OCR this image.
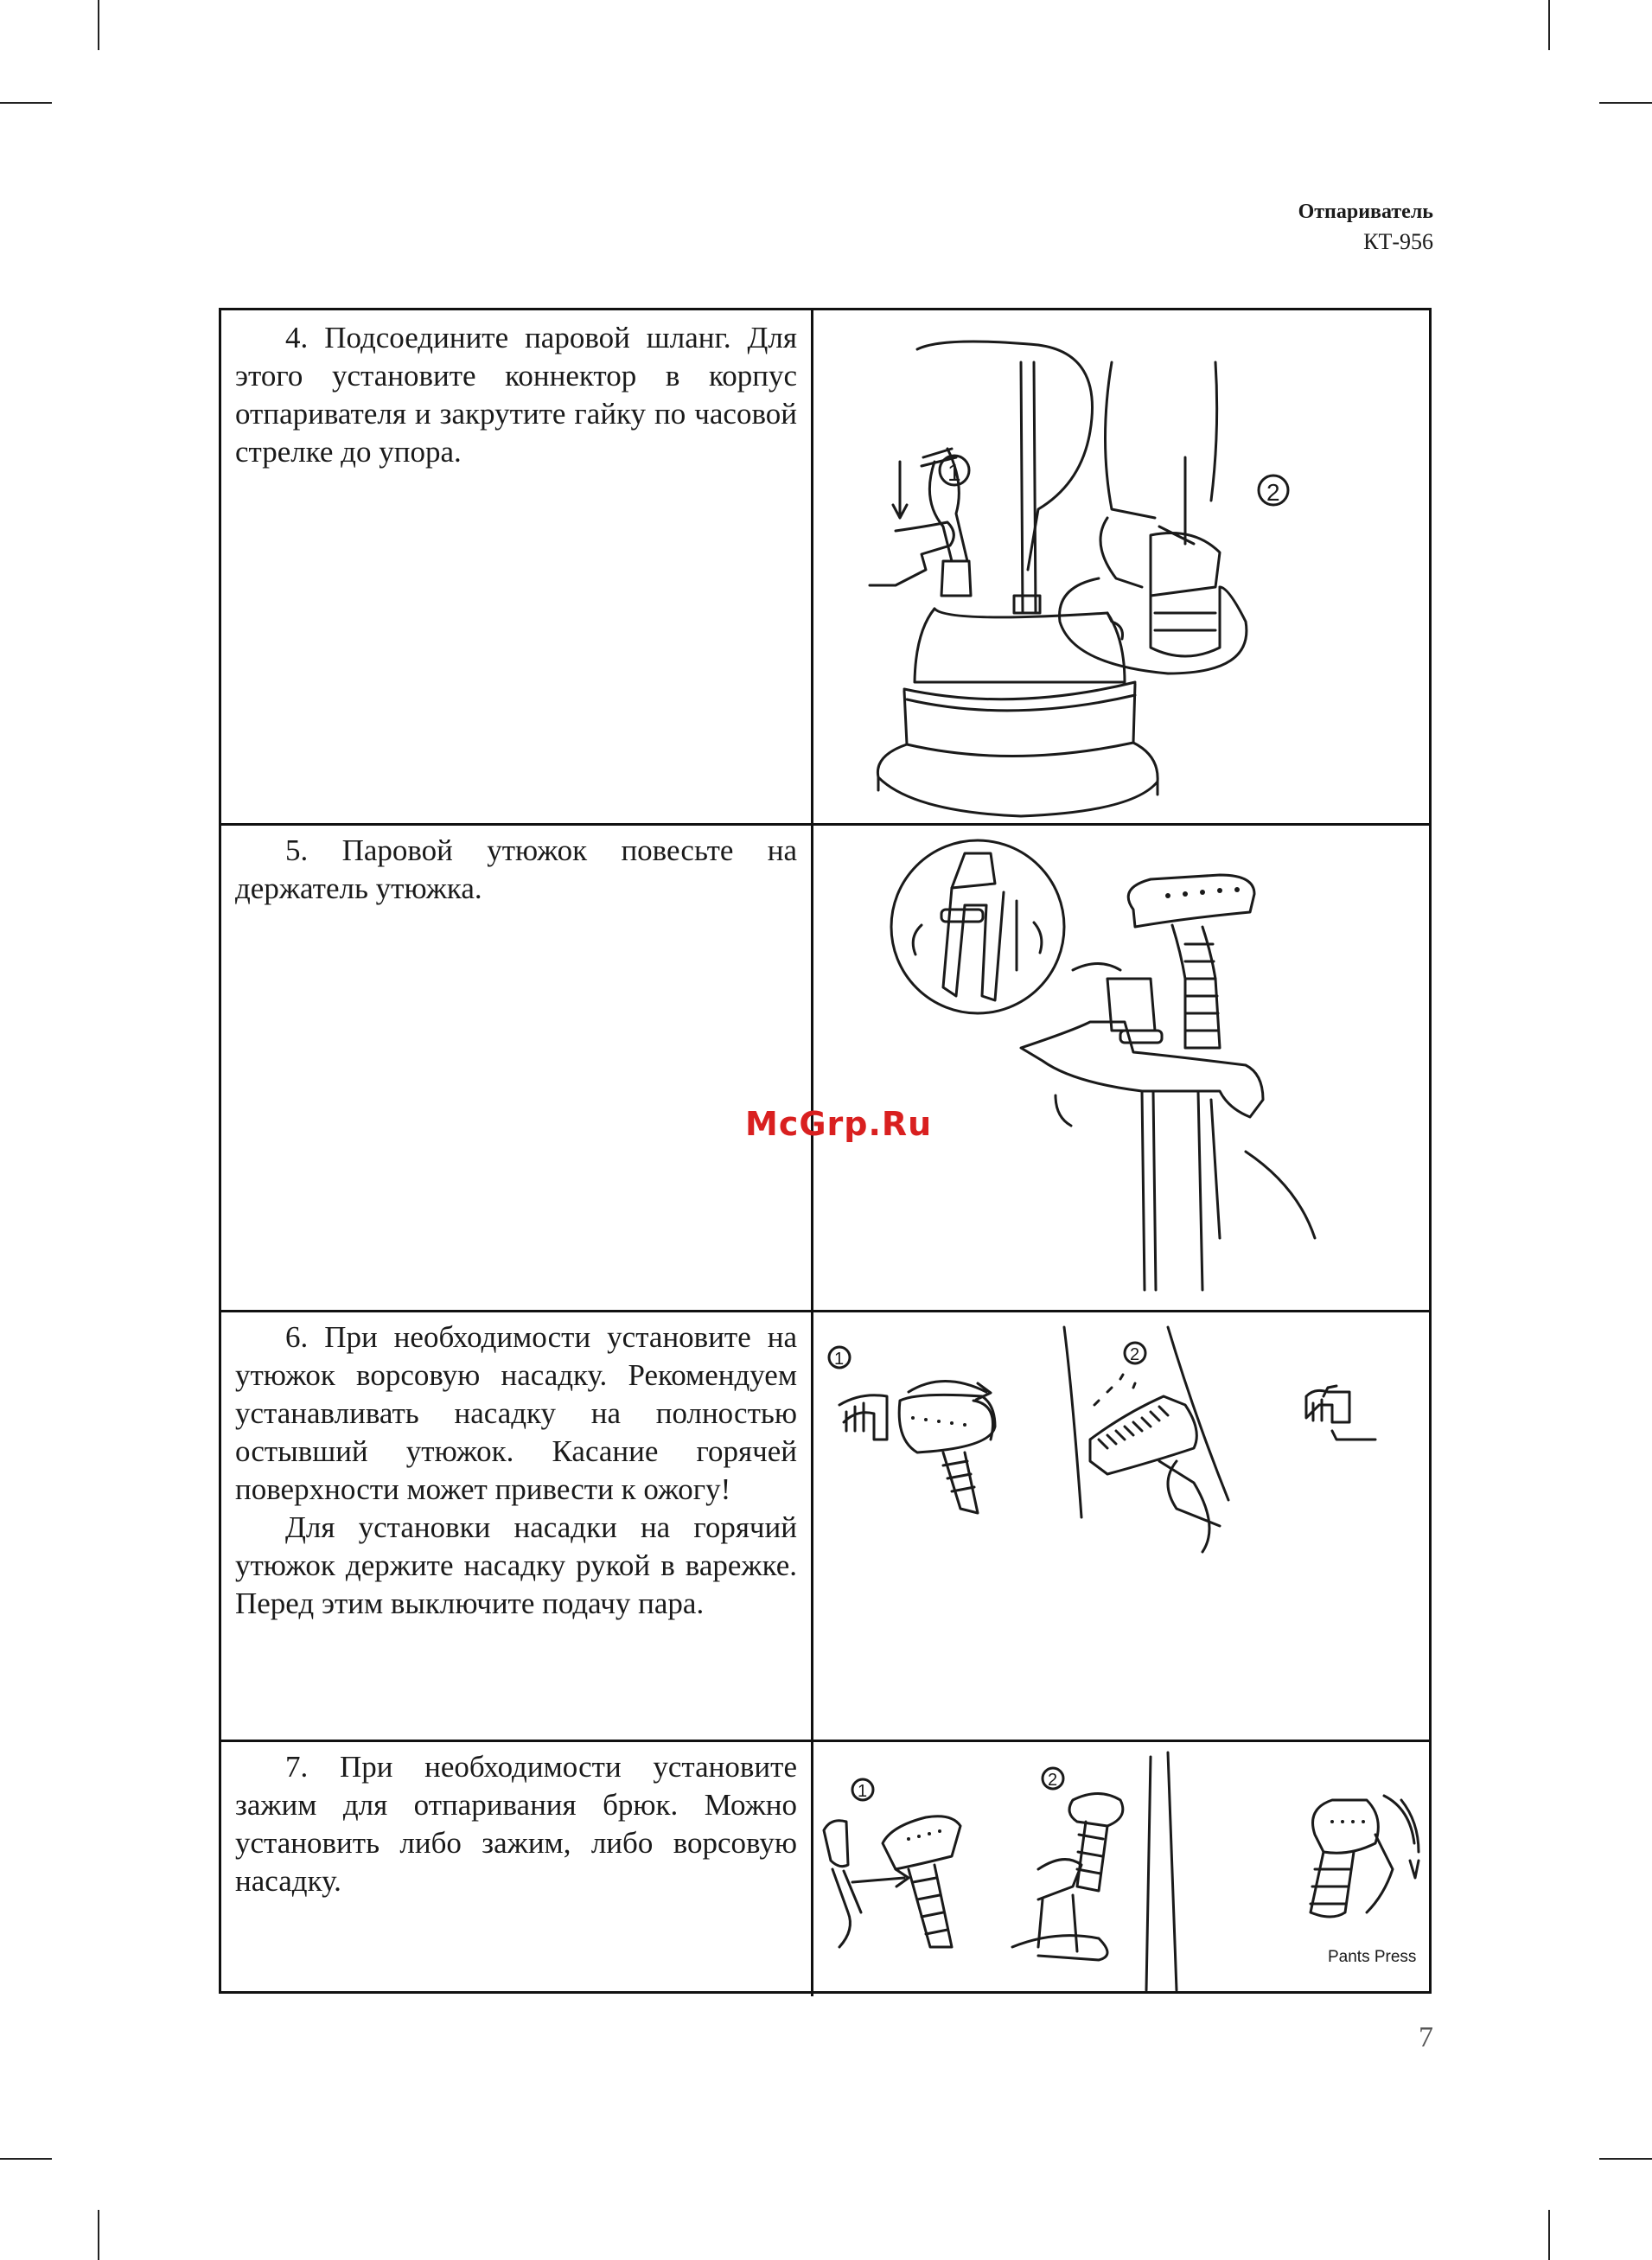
Отпариватель
КТ-956

4. Подсоедините паровой шланг. Для этого установите коннектор в корпус отпаривателя и закрутите гайку по часовой стрелке до упора.

1
2

5. Паровой утюжок повесьте на держатель утюжка.

6. При необходимости установите на утюжок ворсовую насадку. Рекомендуем устанавливать насадку на полностью остывший утюжок. Касание горячей поверхности может привести к ожогу!

Для установки насадки на горячий утюжок держите насадку рукой в варежке. Перед этим выключите подачу пара.

1	2

7. При необходимости установите зажим для отпаривания брюк. Можно установить либо зажим, либо ворсовую насадку.

1
2
Pants Press
McGrp.Ru
7
